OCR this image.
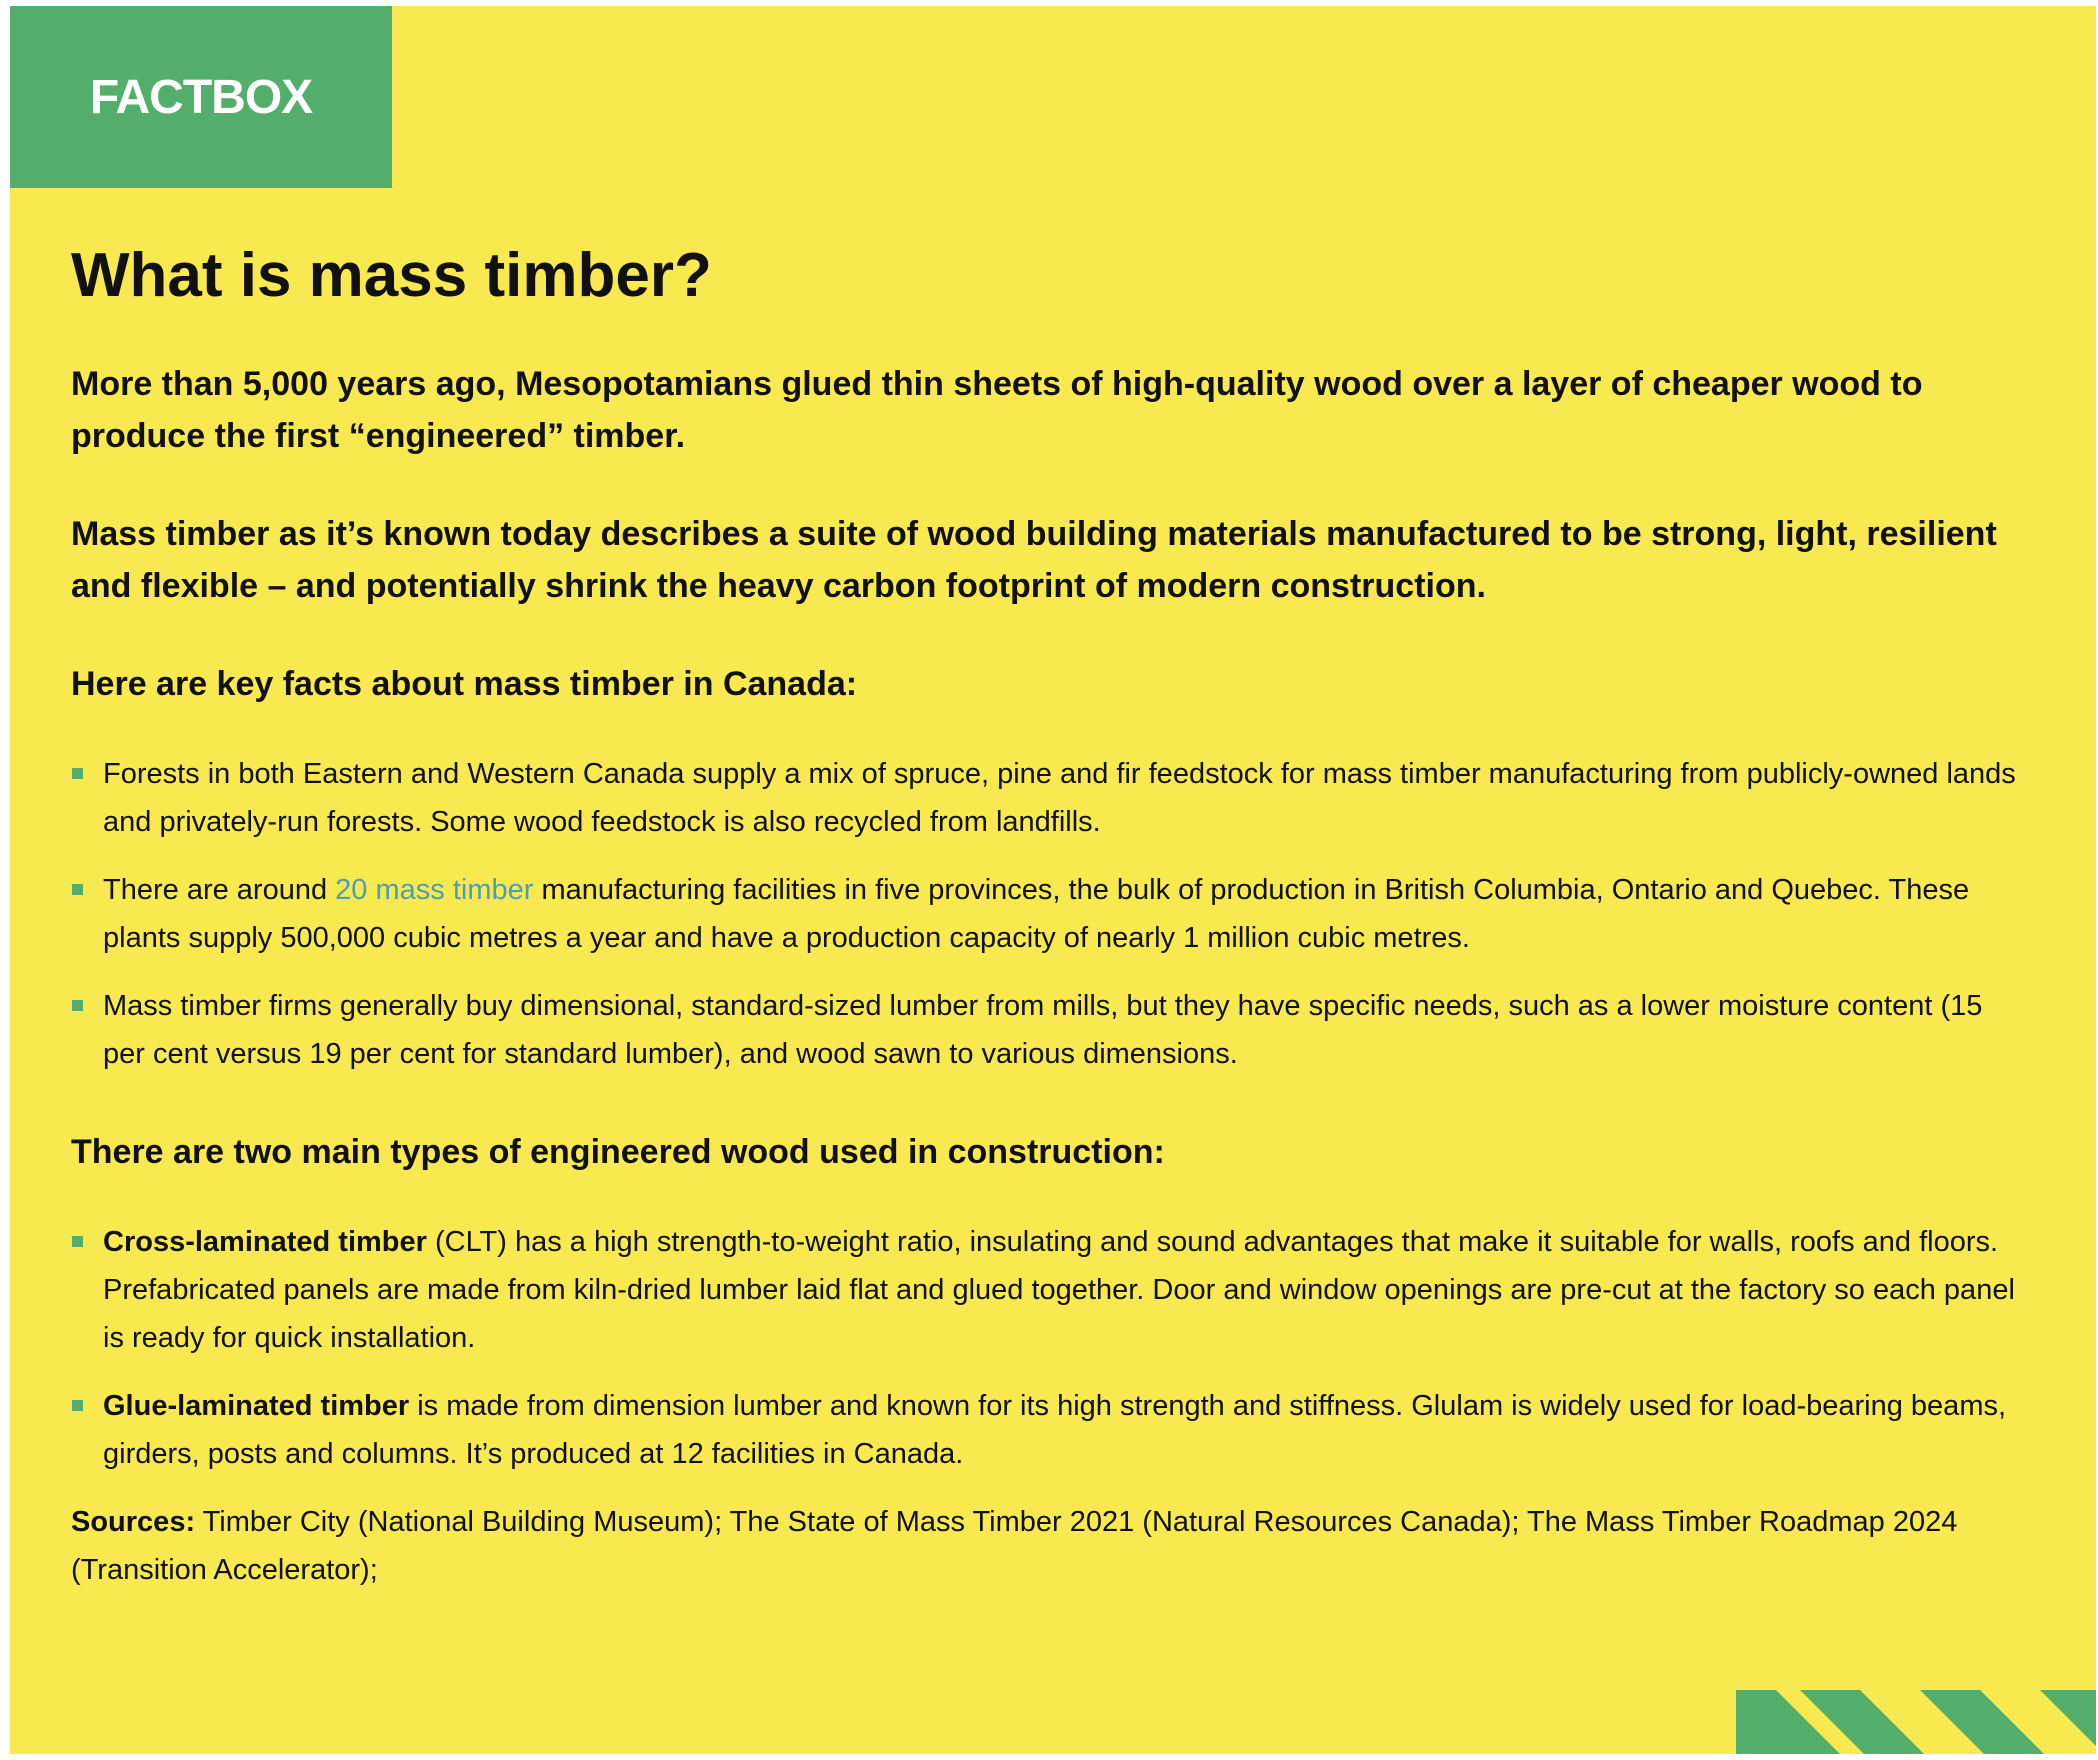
FACTBOX
What is mass timber?

More than 5,000 years ago, Mesopotamians glued thin sheets of high-quality wood over a layer of cheaper wood to produce the first “engineered” timber.

Mass timber as it’s known today describes a suite of wood building materials manufactured to be strong, light, resilient and flexible – and potentially shrink the heavy carbon footprint of modern construction.

Here are key facts about mass timber in Canada:

Forests in both Eastern and Western Canada supply a mix of spruce, pine and fir feedstock for mass timber manufacturing from publicly-owned lands and privately-run forests. Some wood feedstock is also recycled from landfills.
There are around 20 mass timber manufacturing facilities in five provinces, the bulk of production in British Columbia, Ontario and Quebec. These plants supply 500,000 cubic metres a year and have a production capacity of nearly 1 million cubic metres.
Mass timber firms generally buy dimensional, standard-sized lumber from mills, but they have specific needs, such as a lower moisture content (15 per cent versus 19 per cent for standard lumber), and wood sawn to various dimensions.

There are two main types of engineered wood used in construction:

Cross-laminated timber (CLT) has a high strength-to-weight ratio, insulating and sound advantages that make it suitable for walls, roofs and floors. Prefabricated panels are made from kiln-dried lumber laid flat and glued together. Door and window openings are pre-cut at the factory so each panel is ready for quick installation.
Glue-laminated timber is made from dimension lumber and known for its high strength and stiffness. Glulam is widely used for load-bearing beams, girders, posts and columns. It’s produced at 12 facilities in Canada.

Sources: Timber City (National Building Museum); The State of Mass Timber 2021 (Natural Resources Canada); The Mass Timber Roadmap 2024 (Transition Accelerator);
